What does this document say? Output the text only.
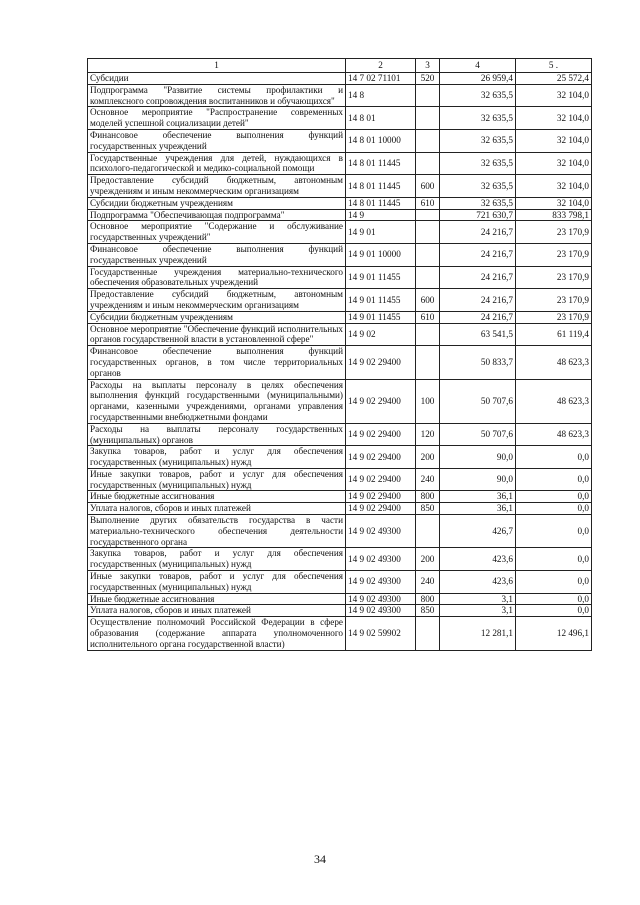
1	2	3	4	5 .
Субсидии	14 7 02 71101	520	26 959,4	25 572,4
Подпрограмма "Развитие системы профилактики и комплексного сопровождения воспитанников и обучающихся"	14 8		32 635,5	32 104,0
Основное мероприятие "Распространение современных моделей успешной социализации детей"	14 8 01		32 635,5	32 104,0
Финансовое обеспечение выполнения функций государственных учреждений	14 8 01 10000		32 635,5	32 104,0
Государственные учреждения для детей, нуждающихся в психолого-педагогической и медико-социальной помощи	14 8 01 11445		32 635,5	32 104,0
Предоставление субсидий бюджетным, автономным учреждениям и иным некоммерческим организациям	14 8 01 11445	600	32 635,5	32 104,0
Субсидии бюджетным учреждениям	14 8 01 11445	610	32 635,5	32 104,0
Подпрограмма "Обеспечивающая подпрограмма"	14 9		721 630,7	833 798,1
Основное мероприятие "Содержание и обслуживание государственных учреждений"	14 9 01		24 216,7	23 170,9
Финансовое обеспечение выполнения функций государственных учреждений	14 9 01 10000		24 216,7	23 170,9
Государственные учреждения материально-технического обеспечения образовательных учреждений	14 9 01 11455		24 216,7	23 170,9
Предоставление субсидий бюджетным, автономным учреждениям и иным некоммерческим организациям	14 9 01 11455	600	24 216,7	23 170,9
Субсидии бюджетным учреждениям	14 9 01 11455	610	24 216,7	23 170,9
Основное мероприятие "Обеспечение функций исполнительных органов государственной власти в установленной сфере"	14 9 02		63 541,5	61 119,4
Финансовое обеспечение выполнения функций государственных органов, в том числе территориальных органов	14 9 02 29400		50 833,7	48 623,3
Расходы на выплаты персоналу в целях обеспечения выполнения функций государственными (муниципальными) органами, казенными учреждениями, органами управления государственными внебюджетными фондами	14 9 02 29400	100	50 707,6	48 623,3
Расходы на выплаты персоналу государственных (муниципальных) органов	14 9 02 29400	120	50 707,6	48 623,3
Закупка товаров, работ и услуг для обеспечения государственных (муниципальных) нужд	14 9 02 29400	200	90,0	0,0
Иные закупки товаров, работ и услуг для обеспечения государственных (муниципальных) нужд	14 9 02 29400	240	90,0	0,0
Иные бюджетные ассигнования	14 9 02 29400	800	36,1	0,0
Уплата налогов, сборов и иных платежей	14 9 02 29400	850	36,1	0,0
Выполнение других обязательств государства в части материально-технического обеспечения деятельности государственного органа	14 9 02 49300		426,7	0,0
Закупка товаров, работ и услуг для обеспечения государственных (муниципальных) нужд	14 9 02 49300	200	423,6	0,0
Иные закупки товаров, работ и услуг для обеспечения государственных (муниципальных) нужд	14 9 02 49300	240	423,6	0,0
Иные бюджетные ассигнования	14 9 02 49300	800	3,1	0,0
Уплата налогов, сборов и иных платежей	14 9 02 49300	850	3,1	0,0
Осуществление полномочий Российской Федерации в сфере образования (содержание аппарата уполномоченного исполнительного органа государственной власти)	14 9 02 59902		12 281,1	12 496,1
34
